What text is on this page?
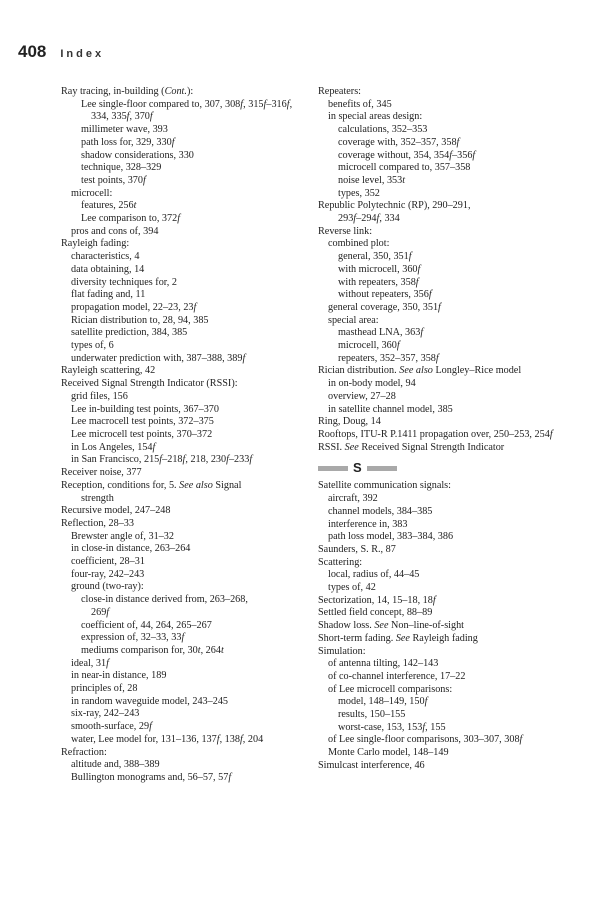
408 Index
Ray tracing, in-building (Cont.):
Lee single-floor compared to, 307, 308f, 315f–316f,
334, 335f, 370f
millimeter wave, 393
path loss for, 329, 330f
shadow considerations, 330
technique, 328–329
test points, 370f
microcell:
features, 256t
Lee comparison to, 372f
pros and cons of, 394
Rayleigh fading:
characteristics, 4
data obtaining, 14
diversity techniques for, 2
flat fading and, 11
propagation model, 22–23, 23f
Rician distribution to, 28, 94, 385
satellite prediction, 384, 385
types of, 6
underwater prediction with, 387–388, 389f
Rayleigh scattering, 42
Received Signal Strength Indicator (RSSI):
grid files, 156
Lee in-building test points, 367–370
Lee macrocell test points, 372–375
Lee microcell test points, 370–372
in Los Angeles, 154f
in San Francisco, 215f–218f, 218, 230f–233f
Receiver noise, 377
Reception, conditions for, 5. See also Signal
strength
Recursive model, 247–248
Reflection, 28–33
Brewster angle of, 31–32
in close-in distance, 263–264
coefficient, 28–31
four-ray, 242–243
ground (two-ray):
close-in distance derived from, 263–268,
269f
coefficient of, 44, 264, 265–267
expression of, 32–33, 33f
mediums comparison for, 30t, 264t
ideal, 31f
in near-in distance, 189
principles of, 28
in random waveguide model, 243–245
six-ray, 242–243
smooth-surface, 29f
water, Lee model for, 131–136, 137f, 138f, 204
Refraction:
altitude and, 388–389
Bullington monograms and, 56–57, 57f
Repeaters:
benefits of, 345
in special areas design:
calculations, 352–353
coverage with, 352–357, 358f
coverage without, 354, 354f–356f
microcell compared to, 357–358
noise level, 353t
types, 352
Republic Polytechnic (RP), 290–291,
293f–294f, 334
Reverse link:
combined plot:
general, 350, 351f
with microcell, 360f
with repeaters, 358f
without repeaters, 356f
general coverage, 350, 351f
special area:
masthead LNA, 363f
microcell, 360f
repeaters, 352–357, 358f
Rician distribution. See also Longley–Rice model
in on-body model, 94
overview, 27–28
in satellite channel model, 385
Ring, Doug, 14
Rooftops, ITU-R P.1411 propagation over, 250–253, 254f
RSSI. See Received Signal Strength Indicator
S
Satellite communication signals:
aircraft, 392
channel models, 384–385
interference in, 383
path loss model, 383–384, 386
Saunders, S. R., 87
Scattering:
local, radius of, 44–45
types of, 42
Sectorization, 14, 15–18, 18f
Settled field concept, 88–89
Shadow loss. See Non–line-of-sight
Short-term fading. See Rayleigh fading
Simulation:
of antenna tilting, 142–143
of co-channel interference, 17–22
of Lee microcell comparisons:
model, 148–149, 150f
results, 150–155
worst-case, 153, 153f, 155
of Lee single-floor comparisons, 303–307, 308f
Monte Carlo model, 148–149
Simulcast interference, 46
